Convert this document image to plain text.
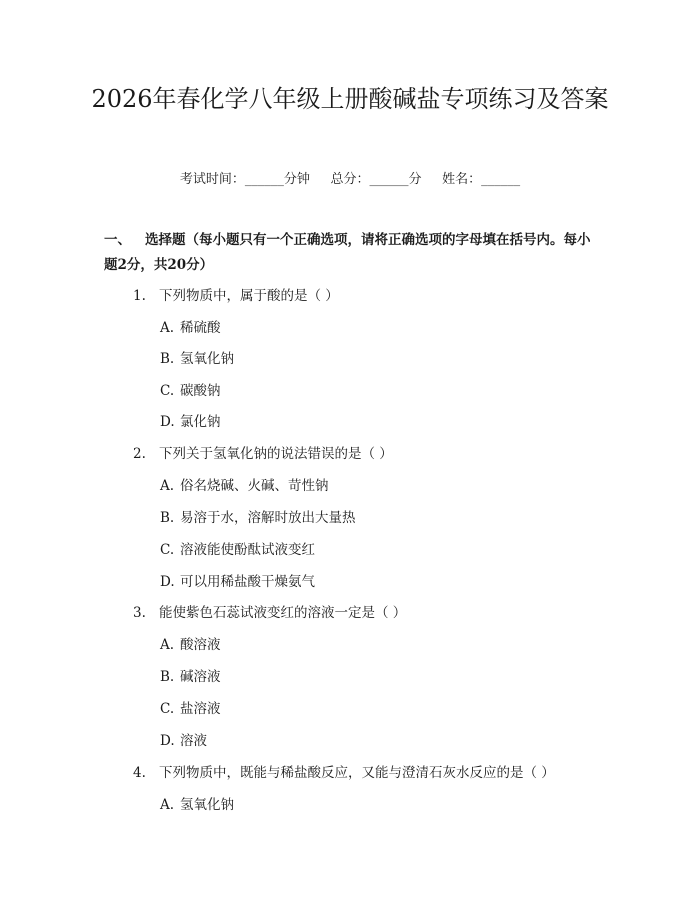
2026年春化学八年级上册酸碱盐专项练习及答案
考试时间：______分钟     总分：______分     姓名：______

一、 选择题（每小题只有一个正确选项，请将正确选项的字母填在括号内。每小题2分，共20分）

1. 下列物质中，属于酸的是（ ）
A. 稀硫酸
B. 氢氧化钠
C. 碳酸钠
D. 氯化钠
2. 下列关于氢氧化钠的说法错误的是（ ）
A. 俗名烧碱、火碱、苛性钠
B. 易溶于水，溶解时放出大量热
C. 溶液能使酚酞试液变红
D. 可以用稀盐酸干燥氨气
3. 能使紫色石蕊试液变红的溶液一定是（ ）
A. 酸溶液
B. 碱溶液
C. 盐溶液
D. 溶液
4. 下列物质中，既能与稀盐酸反应，又能与澄清石灰水反应的是（ ）
A. 氢氧化钠
